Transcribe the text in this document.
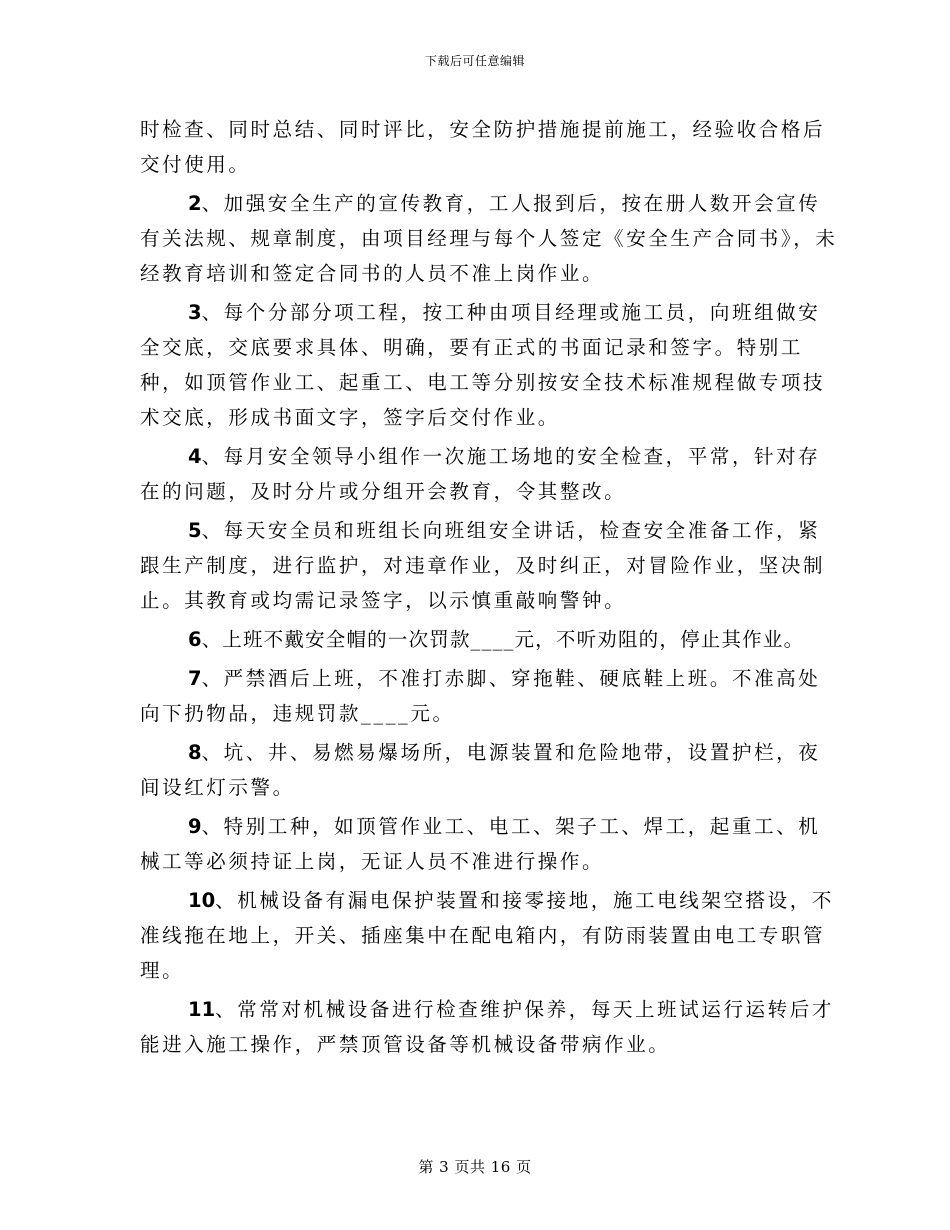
下载后可任意编辑

时检查、同时总结、同时评比，安全防护措施提前施工，经验收合格后交付使用。

2、加强安全生产的宣传教育，工人报到后，按在册人数开会宣传有关法规、规章制度，由项目经理与每个人签定《安全生产合同书》，未经教育培训和签定合同书的人员不准上岗作业。

3、每个分部分项工程，按工种由项目经理或施工员，向班组做安全交底，交底要求具体、明确，要有正式的书面记录和签字。特别工种，如顶管作业工、起重工、电工等分别按安全技术标准规程做专项技术交底，形成书面文字，签字后交付作业。

4、每月安全领导小组作一次施工场地的安全检查，平常，针对存在的问题，及时分片或分组开会教育，令其整改。

5、每天安全员和班组长向班组安全讲话，检查安全准备工作，紧跟生产制度，进行监护，对违章作业，及时纠正，对冒险作业，坚决制止。其教育或均需记录签字，以示慎重敲响警钟。

6、上班不戴安全帽的一次罚款____元，不听劝阻的，停止其作业。

7、严禁酒后上班，不准打赤脚、穿拖鞋、硬底鞋上班。不准高处向下扔物品，违规罚款____元。

8、坑、井、易燃易爆场所，电源装置和危险地带，设置护栏，夜间设红灯示警。

9、特别工种，如顶管作业工、电工、架子工、焊工，起重工、机械工等必须持证上岗，无证人员不准进行操作。

10、机械设备有漏电保护装置和接零接地，施工电线架空搭设，不准线拖在地上，开关、插座集中在配电箱内，有防雨装置由电工专职管理。

11、常常对机械设备进行检查维护保养，每天上班试运行运转后才能进入施工操作，严禁顶管设备等机械设备带病作业。

第 3 页共 16 页
